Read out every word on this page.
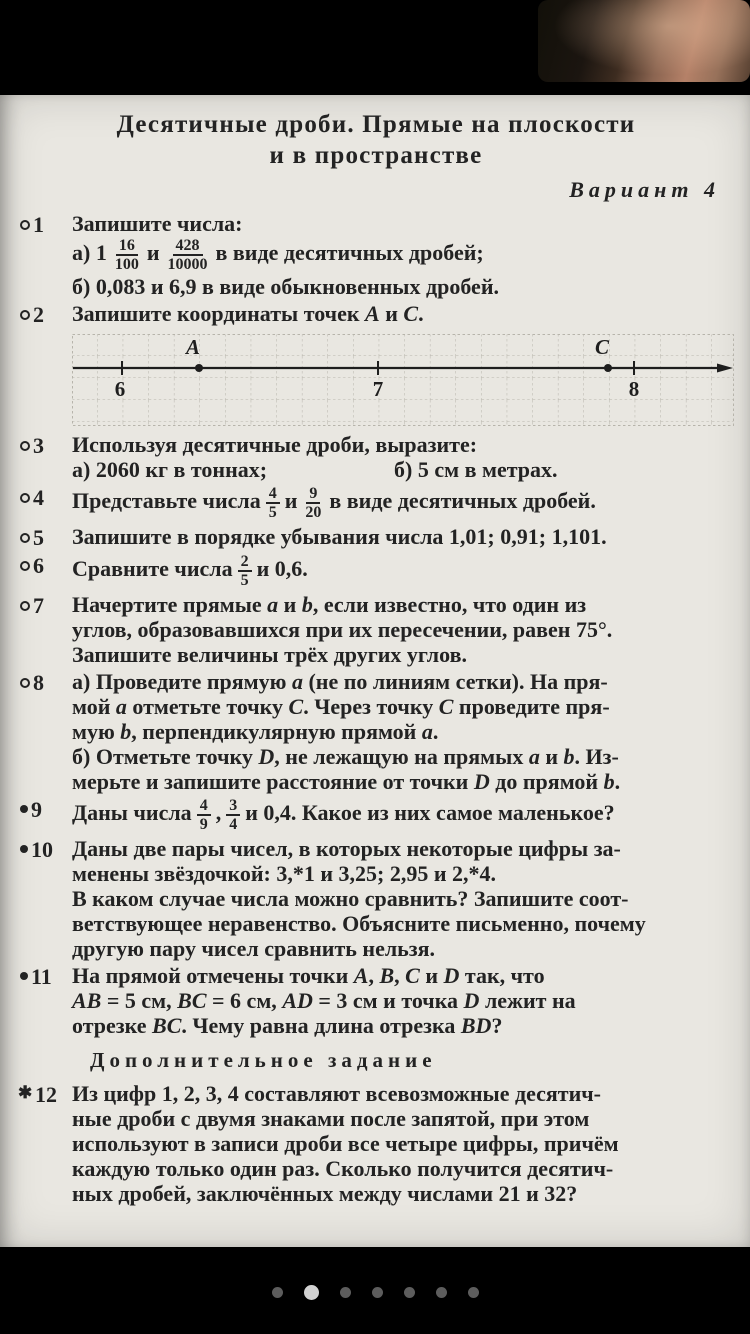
Десятичные дроби. Прямые на плоскости
и в пространстве
Вариант 4
1 Запишите числа:
а) $1 \frac{16}{100}$ и $\frac{428}{10000}$ в виде десятичных дробей;
б) 0,083 и 6,9 в виде обыкновенных дробей.
2 Запишите координаты точек A и C.
A	C
6	7	8
3 Используя десятичные дроби, выразите:
а) 2060 кг в тоннах;	б) 5 см в метрах.
4 Представьте числа $\frac{4}{5}$ и $\frac{9}{20}$ в виде десятичных дробей.
5 Запишите в порядке убывания числа 1,01; 0,91; 1,101.
6 Сравните числа $\frac{2}{5}$ и 0,6.
7 Начертите прямые a и b, если известно, что один из
углов, образовавшихся при их пересечении, равен 75°.
Запишите величины трёх других углов.
8 а) Проведите прямую a (не по линиям сетки). На пря-
мой a отметьте точку C. Через точку C проведите пря-
мую b, перпендикулярную прямой a.
б) Отметьте точку D, не лежащую на прямых a и b. Из-
мерьте и запишите расстояние от точки D до прямой b.
9 Даны числа $\frac{4}{9}$ , $\frac{3}{4}$ и 0,4. Какое из них самое маленькое?
10 Даны две пары чисел, в которых некоторые цифры за-
менены звёздочкой: 3,*1 и 3,25; 2,95 и 2,*4.
В каком случае числа можно сравнить? Запишите соот-
ветствующее неравенство. Объясните письменно, почему
другую пару чисел сравнить нельзя.
11 На прямой отмечены точки A, B, C и D так, что
AB = 5 см, BC = 6 см, AD = 3 см и точка D лежит на
отрезке BC. Чему равна длина отрезка BD?
Дополнительное задание
✱
12 Из цифр 1, 2, 3, 4 составляют всевозможные десятич-
ные дроби с двумя знаками после запятой, при этом
используют в записи дроби все четыре цифры, причём
каждую только один раз. Сколько получится десятич-
ных дробей, заключённых между числами 21 и 32?
